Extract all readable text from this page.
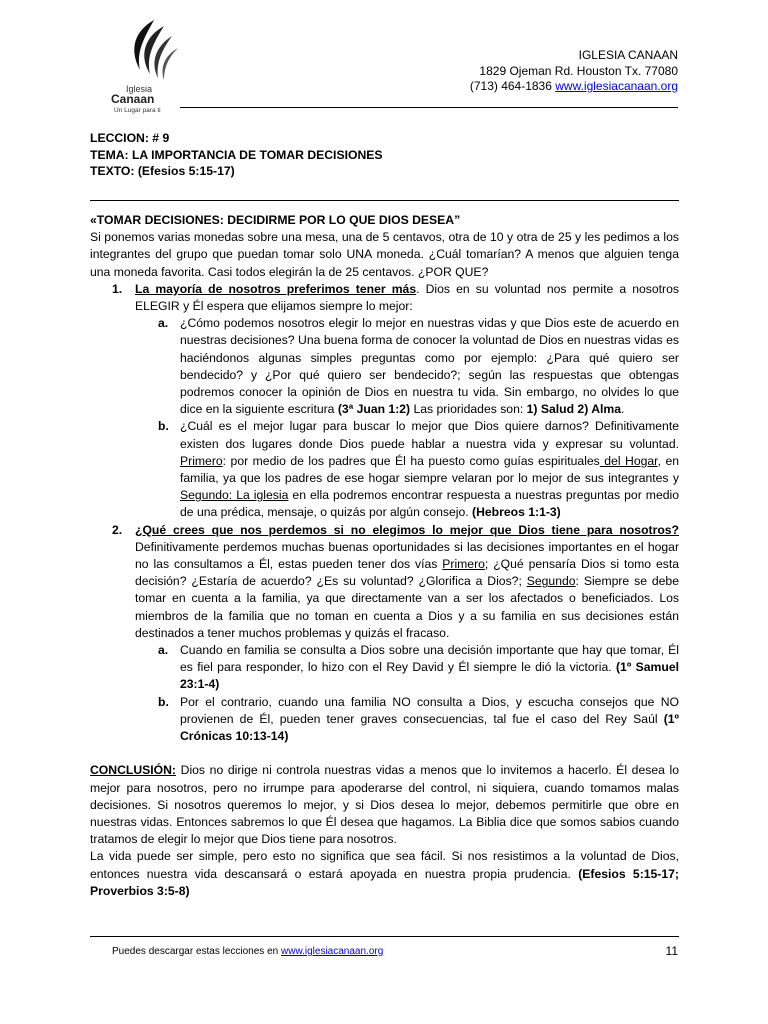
Iglesia
Canaan
Un Lugar para ti
IGLESIA CANAAN
1829 Ojeman Rd. Houston Tx. 77080
(713) 464-1836 www.iglesiacanaan.org
LECCION: # 9
TEMA: LA IMPORTANCIA DE TOMAR DECISIONES
TEXTO: (Efesios 5:15-17)

«TOMAR DECISIONES: DECIDIRME POR LO QUE DIOS DESEA”

Si ponemos varias monedas sobre una mesa, una de 5 centavos, otra de 10 y otra de 25 y les pedimos a los integrantes del grupo que puedan tomar solo UNA moneda. ¿Cuál tomarían? A menos que alguien tenga una moneda favorita. Casi todos elegirán la de 25 centavos. ¿POR QUE?

1. La mayoría de nosotros preferimos tener más. Dios en su voluntad nos permite a nosotros ELEGIR y Él espera que elijamos siempre lo mejor:
a. ¿Cómo podemos nosotros elegir lo mejor en nuestras vidas y que Dios este de acuerdo en nuestras decisiones? Una buena forma de conocer la voluntad de Dios en nuestras vidas es haciéndonos algunas simples preguntas como por ejemplo: ¿Para qué quiero ser bendecido? y ¿Por qué quiero ser bendecido?; según las respuestas que obtengas podremos conocer la opinión de Dios en nuestra tu vida. Sin embargo, no olvides lo que dice en la siguiente escritura (3ª Juan 1:2) Las prioridades son: 1) Salud 2) Alma.
b. ¿Cuál es el mejor lugar para buscar lo mejor que Dios quiere darnos? Definitivamente existen dos lugares donde Dios puede hablar a nuestra vida y expresar su voluntad. Primero: por medio de los padres que Él ha puesto como guías espirituales del Hogar, en familia, ya que los padres de ese hogar siempre velaran por lo mejor de sus integrantes y Segundo: La iglesia en ella podremos encontrar respuesta a nuestras preguntas por medio de una prédica, mensaje, o quizás por algún consejo. (Hebreos 1:1-3)
2. ¿Qué crees que nos perdemos si no elegimos lo mejor que Dios tiene para nosotros? Definitivamente perdemos muchas buenas oportunidades si las decisiones importantes en el hogar no las consultamos a Él, estas pueden tener dos vías Primero; ¿Qué pensaría Dios si tomo esta decisión? ¿Estaría de acuerdo? ¿Es su voluntad? ¿Glorifica a Dios?; Segundo: Siempre se debe tomar en cuenta a la familia, ya que directamente van a ser los afectados o beneficiados. Los miembros de la familia que no toman en cuenta a Dios y a su familia en sus decisiones están destinados a tener muchos problemas y quizás el fracaso.
a. Cuando en familia se consulta a Dios sobre una decisión importante que hay que tomar, Él es fiel para responder, lo hizo con el Rey David y Él siempre le dió la victoria. (1º Samuel 23:1-4)
b. Por el contrario, cuando una familia NO consulta a Dios, y escucha consejos que NO provienen de Él, pueden tener graves consecuencias, tal fue el caso del Rey Saúl (1º Crónicas 10:13-14)

CONCLUSIÓN: Dios no dirige ni controla nuestras vidas a menos que lo invitemos a hacerlo. Él desea lo mejor para nosotros, pero no irrumpe para apoderarse del control, ni siquiera, cuando tomamos malas decisiones. Si nosotros queremos lo mejor, y si Dios desea lo mejor, debemos permitirle que obre en nuestras vidas. Entonces sabremos lo que Él desea que hagamos. La Biblia dice que somos sabios cuando tratamos de elegir lo mejor que Dios tiene para nosotros.

La vida puede ser simple, pero esto no significa que sea fácil. Si nos resistimos a la voluntad de Dios, entonces nuestra vida descansará o estará apoyada en nuestra propia prudencia. (Efesios 5:15-17; Proverbios 3:5-8)

Puedes descargar estas lecciones en www.iglesiacanaan.org	11
